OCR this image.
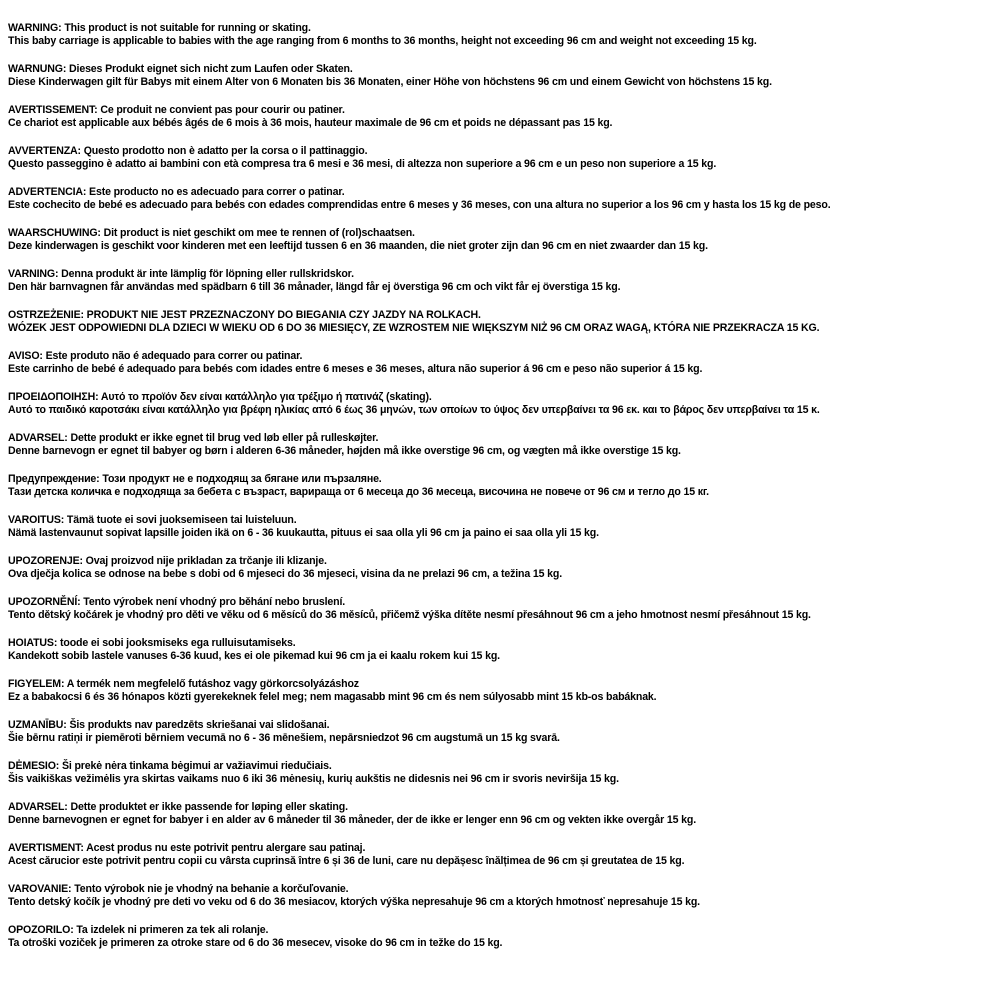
WARNING: This product is not suitable for running or skating.
This baby carriage is applicable to babies with the age ranging from 6 months to 36 months, height not exceeding 96 cm and weight not exceeding 15 kg.
WARNUNG: Dieses Produkt eignet sich nicht zum Laufen oder Skaten.
Diese Kinderwagen gilt für Babys mit einem Alter von 6 Monaten bis 36 Monaten, einer Höhe von höchstens 96 cm und einem Gewicht von höchstens 15 kg.
AVERTISSEMENT: Ce produit ne convient pas pour courir ou patiner.
Ce chariot est applicable aux bébés âgés de 6 mois à 36 mois, hauteur maximale de 96 cm et poids ne dépassant pas 15 kg.
AVVERTENZA: Questo prodotto non è adatto per la corsa o il pattinaggio.
Questo passeggino è adatto ai bambini con età compresa tra 6 mesi e 36 mesi, di altezza non superiore a 96 cm e un peso non superiore a 15 kg.
ADVERTENCIA: Este producto no es adecuado para correr o patinar.
Este cochecito de bebé es adecuado para bebés con edades comprendidas entre 6 meses y 36 meses, con una altura no superior a los 96 cm y hasta los 15 kg de peso.
WAARSCHUWING: Dit product is niet geschikt om mee te rennen of (rol)schaatsen.
Deze kinderwagen is geschikt voor kinderen met een leeftijd tussen 6 en 36 maanden, die niet groter zijn dan 96 cm en niet zwaarder dan 15 kg.
VARNING: Denna produkt är inte lämplig för löpning eller rullskridskor.
Den här barnvagnen får användas med spädbarn 6 till 36 månader, längd får ej överstiga 96 cm och vikt får ej överstiga 15 kg.
OSTRZEŻENIE: PRODUKT NIE JEST PRZEZNACZONY DO BIEGANIA CZY JAZDY NA ROLKACH.
WÓZEK JEST ODPOWIEDNI DLA DZIECI W WIEKU OD 6 DO 36 MIESIĘCY, ZE WZROSTEM NIE WIĘKSZYM NIŻ 96 CM ORAZ WAGĄ, KTÓRA NIE PRZEKRACZA 15 KG.
AVISO: Este produto não é adequado para correr ou patinar.
Este carrinho de bebé é adequado para bebés com idades entre 6 meses e 36 meses, altura não superior á 96 cm e peso não superior á 15 kg.
ΠΡΟΕΙΔΟΠΟΙΗΣΗ: Αυτό το προϊόν δεν είναι κατάλληλο για τρέξιμο ή πατινάζ (skating).
Αυτό το παιδικό καροτσάκι είναι κατάλληλο για βρέφη ηλικίας από 6 έως 36 μηνών, των οποίων το ύψος δεν υπερβαίνει τα 96 εκ. και το βάρος δεν υπερβαίνει τα 15 κ.
ADVARSEL: Dette produkt er ikke egnet til brug ved løb eller på rulleskøjter.
Denne barnevogn er egnet til babyer og børn i alderen 6-36 måneder, højden må ikke overstige 96 cm, og vægten må ikke overstige 15 kg.
Предупреждение: Този продукт не е подходящ за бягане или пързаляне.
Тази детска количка е подходяща за бебета с възраст, варираща от 6 месеца до 36 месеца, височина не повече от 96 см и тегло до 15 кг.
VAROITUS: Tämä tuote ei sovi juoksemiseen tai luisteluun.
Nämä lastenvaunut sopivat lapsille joiden ikä on 6 - 36 kuukautta, pituus ei saa olla yli 96 cm ja paino ei saa olla yli 15 kg.
UPOZORENJE: Ovaj proizvod nije prikladan za trčanje ili klizanje.
Ova dječja kolica se odnose na bebe s dobi od 6 mjeseci do 36 mjeseci, visina da ne prelazi 96 cm, a težina 15 kg.
UPOZORNĚNÍ: Tento výrobek není vhodný pro běhání nebo bruslení.
Tento dětský kočárek je vhodný pro děti ve věku od 6 měsíců do 36 měsíců, přičemž výška dítěte nesmí přesáhnout 96 cm a jeho hmotnost nesmí přesáhnout 15 kg.
HOIATUS: toode ei sobi jooksmiseks ega rulluisutamiseks.
Kandekott sobib lastele vanuses 6-36 kuud, kes ei ole pikemad kui 96 cm ja ei kaalu rokem kui 15 kg.
FIGYELEM: A termék nem megfelelő futáshoz vagy görkorcsolyázáshoz
Ez a babakocsi 6 és 36 hónapos közti gyerekeknek felel meg; nem magasabb mint 96 cm és nem súlyosabb mint 15 kb-os babáknak.
UZMANĪBU: Šis produkts nav paredzēts skriešanai vai slidošanai.
Šie bērnu ratiņi ir piemēroti bērniem vecumā no 6 - 36 mēnešiem, nepārsniedzot 96 cm augstumā un 15 kg svarā.
DĖMESIO: Ši prekė nėra tinkama bėgimui ar važiavimui riedučiais.
Šis vaikiškas vežimėlis yra skirtas vaikams nuo 6 iki 36 mėnesių, kurių aukštis ne didesnis nei 96 cm ir svoris neviršija 15 kg.
ADVARSEL: Dette produktet er ikke passende for løping eller skating.
Denne barnevognen er egnet for babyer i en alder av 6 måneder til 36 måneder, der de ikke er lenger enn 96 cm og vekten ikke overgår 15 kg.
AVERTISMENT: Acest produs nu este potrivit pentru alergare sau patinaj.
Acest cărucior este potrivit pentru copii cu vârsta cuprinsă între 6 și 36 de luni, care nu depășesc înălțimea de 96 cm și greutatea de 15 kg.
VAROVANIE: Tento výrobok nie je vhodný na behanie a korčuľovanie.
Tento detský kočík je vhodný pre deti vo veku od 6 do 36 mesiacov, ktorých výška nepresahuje 96 cm a ktorých hmotnosť nepresahuje 15 kg.
OPOZORILO: Ta izdelek ni primeren za tek ali rolanje.
Ta otroški voziček je primeren za otroke stare od 6 do 36 mesecev, visoke do 96 cm in težke do 15 kg.
